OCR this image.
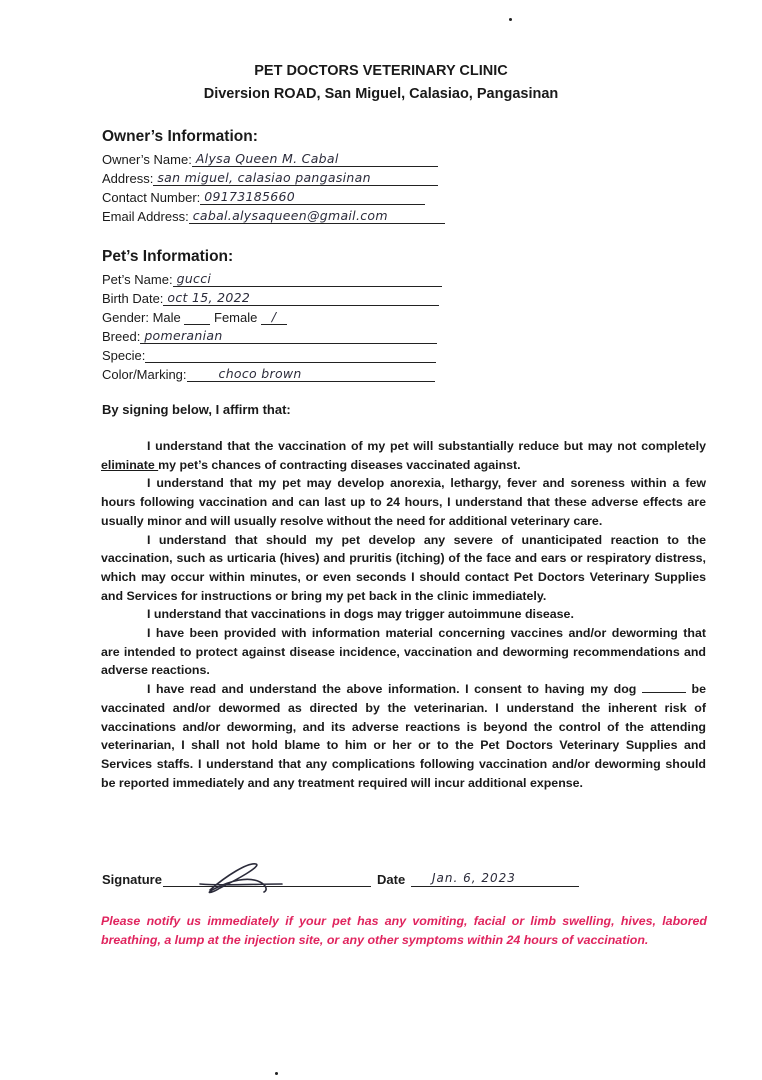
PET DOCTORS VETERINARY CLINIC
Diversion ROAD, San Miguel, Calasiao, Pangasinan
Owner’s Information:
Owner’s Name: Alysa Queen M. Cabal
Address: san miguel, calasiao pangasinan
Contact Number: 09173185660
Email Address: cabal.alysaqueen@gmail.com
Pet’s Information:
Pet’s Name: gucci
Birth Date: oct 15, 2022
Gender: Male	Female /
Breed: pomeranian
Specie:
Color/Marking:	choco brown
By signing below, I affirm that:

I understand that the vaccination of my pet will substantially reduce but may not completely eliminate my pet’s chances of contracting diseases vaccinated against.

I understand that my pet may develop anorexia, lethargy, fever and soreness within a few hours following vaccination and can last up to 24 hours, I understand that these adverse effects are usually minor and will usually resolve without the need for additional veterinary care.

I understand that should my pet develop any severe of unanticipated reaction to the vaccination, such as urticaria (hives) and pruritis (itching) of the face and ears or respiratory distress, which may occur within minutes, or even seconds I should contact Pet Doctors Veterinary Supplies and Services for instructions or bring my pet back in the clinic immediately.

I understand that vaccinations in dogs may trigger autoimmune disease.

I have been provided with information material concerning vaccines and/or deworming that are intended to protect against disease incidence, vaccination and deworming recommendations and adverse reactions.

I have read and understand the above information. I consent to having my dog	be vaccinated and/or dewormed as directed by the veterinarian. I understand the inherent risk of vaccinations and/or deworming, and its adverse reactions is beyond the control of the attending veterinarian, I shall not hold blame to him or her or to the Pet Doctors Veterinary Supplies and Services staffs. I understand that any complications following vaccination and/or deworming should be reported immediately and any treatment required will incur additional expense.

Signature	Date Jan. 6, 2023
Please notify us immediately if your pet has any vomiting, facial or limb swelling, hives, labored breathing, a lump at the injection site, or any other symptoms within 24 hours of vaccination.
